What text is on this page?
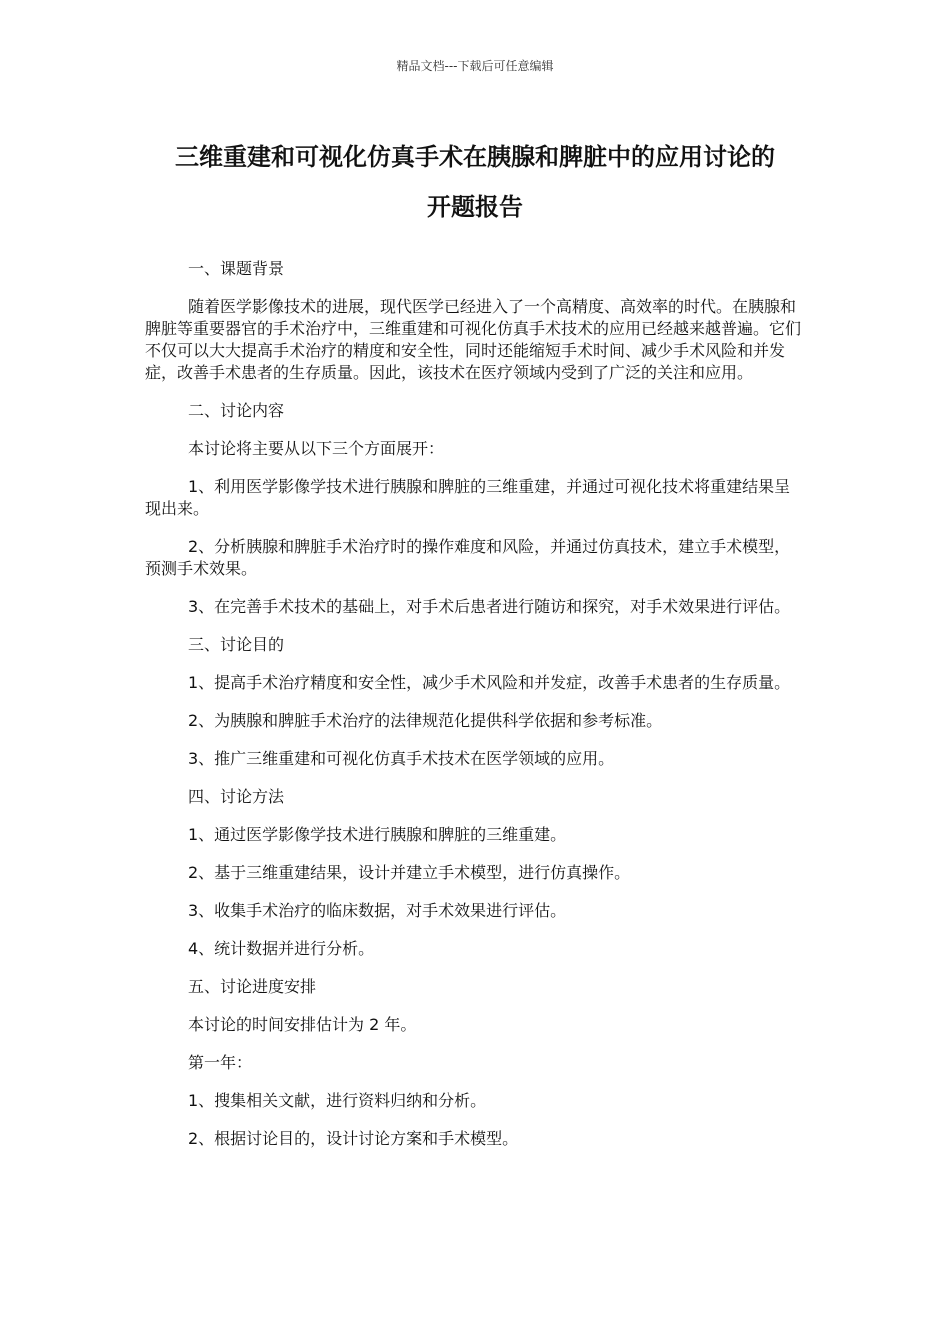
精品文档---下载后可任意编辑
三维重建和可视化仿真手术在胰腺和脾脏中的应用讨论的
开题报告

一、课题背景

随着医学影像技术的进展，现代医学已经进入了一个高精度、高效率的时代。在胰腺和脾脏等重要器官的手术治疗中，三维重建和可视化仿真手术技术的应用已经越来越普遍。它们不仅可以大大提高手术治疗的精度和安全性，同时还能缩短手术时间、减少手术风险和并发症，改善手术患者的生存质量。因此，该技术在医疗领域内受到了广泛的关注和应用。

二、讨论内容

本讨论将主要从以下三个方面展开：

1、利用医学影像学技术进行胰腺和脾脏的三维重建，并通过可视化技术将重建结果呈现出来。

2、分析胰腺和脾脏手术治疗时的操作难度和风险，并通过仿真技术，建立手术模型，预测手术效果。

3、在完善手术技术的基础上，对手术后患者进行随访和探究，对手术效果进行评估。

三、讨论目的

1、提高手术治疗精度和安全性，减少手术风险和并发症，改善手术患者的生存质量。

2、为胰腺和脾脏手术治疗的法律规范化提供科学依据和参考标准。

3、推广三维重建和可视化仿真手术技术在医学领域的应用。

四、讨论方法

1、通过医学影像学技术进行胰腺和脾脏的三维重建。

2、基于三维重建结果，设计并建立手术模型，进行仿真操作。

3、收集手术治疗的临床数据，对手术效果进行评估。

4、统计数据并进行分析。

五、讨论进度安排

本讨论的时间安排估计为 2 年。

第一年：

1、搜集相关文献，进行资料归纳和分析。

2、根据讨论目的，设计讨论方案和手术模型。
